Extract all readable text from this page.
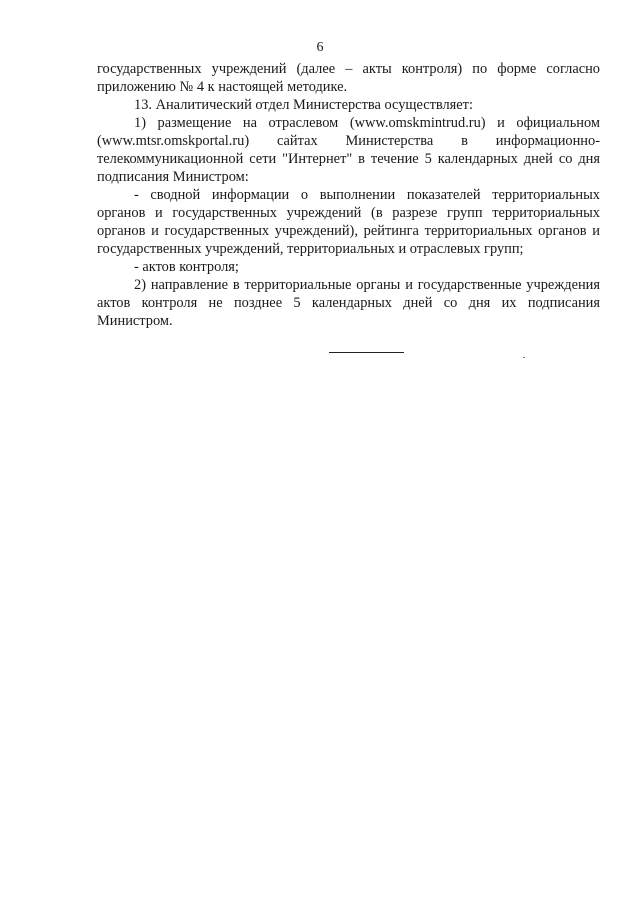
6

государственных учреждений (далее – акты контроля) по форме согласно приложению № 4 к настоящей методике.

13. Аналитический отдел Министерства осуществляет:

1) размещение на отраслевом (www.omskmintrud.ru) и официальном (www.mtsr.omskportal.ru) сайтах Министерства в информационно-телекоммуникационной сети "Интернет" в течение 5 календарных дней со дня подписания Министром:

- сводной информации о выполнении показателей территориальных органов и государственных учреждений (в разрезе групп территориальных органов и государственных учреждений), рейтинга территориальных органов и государственных учреждений, территориальных и отраслевых групп;

- актов контроля;

2) направление в территориальные органы и государственные учреждения актов контроля не позднее 5 календарных дней со дня их подписания Министром.
